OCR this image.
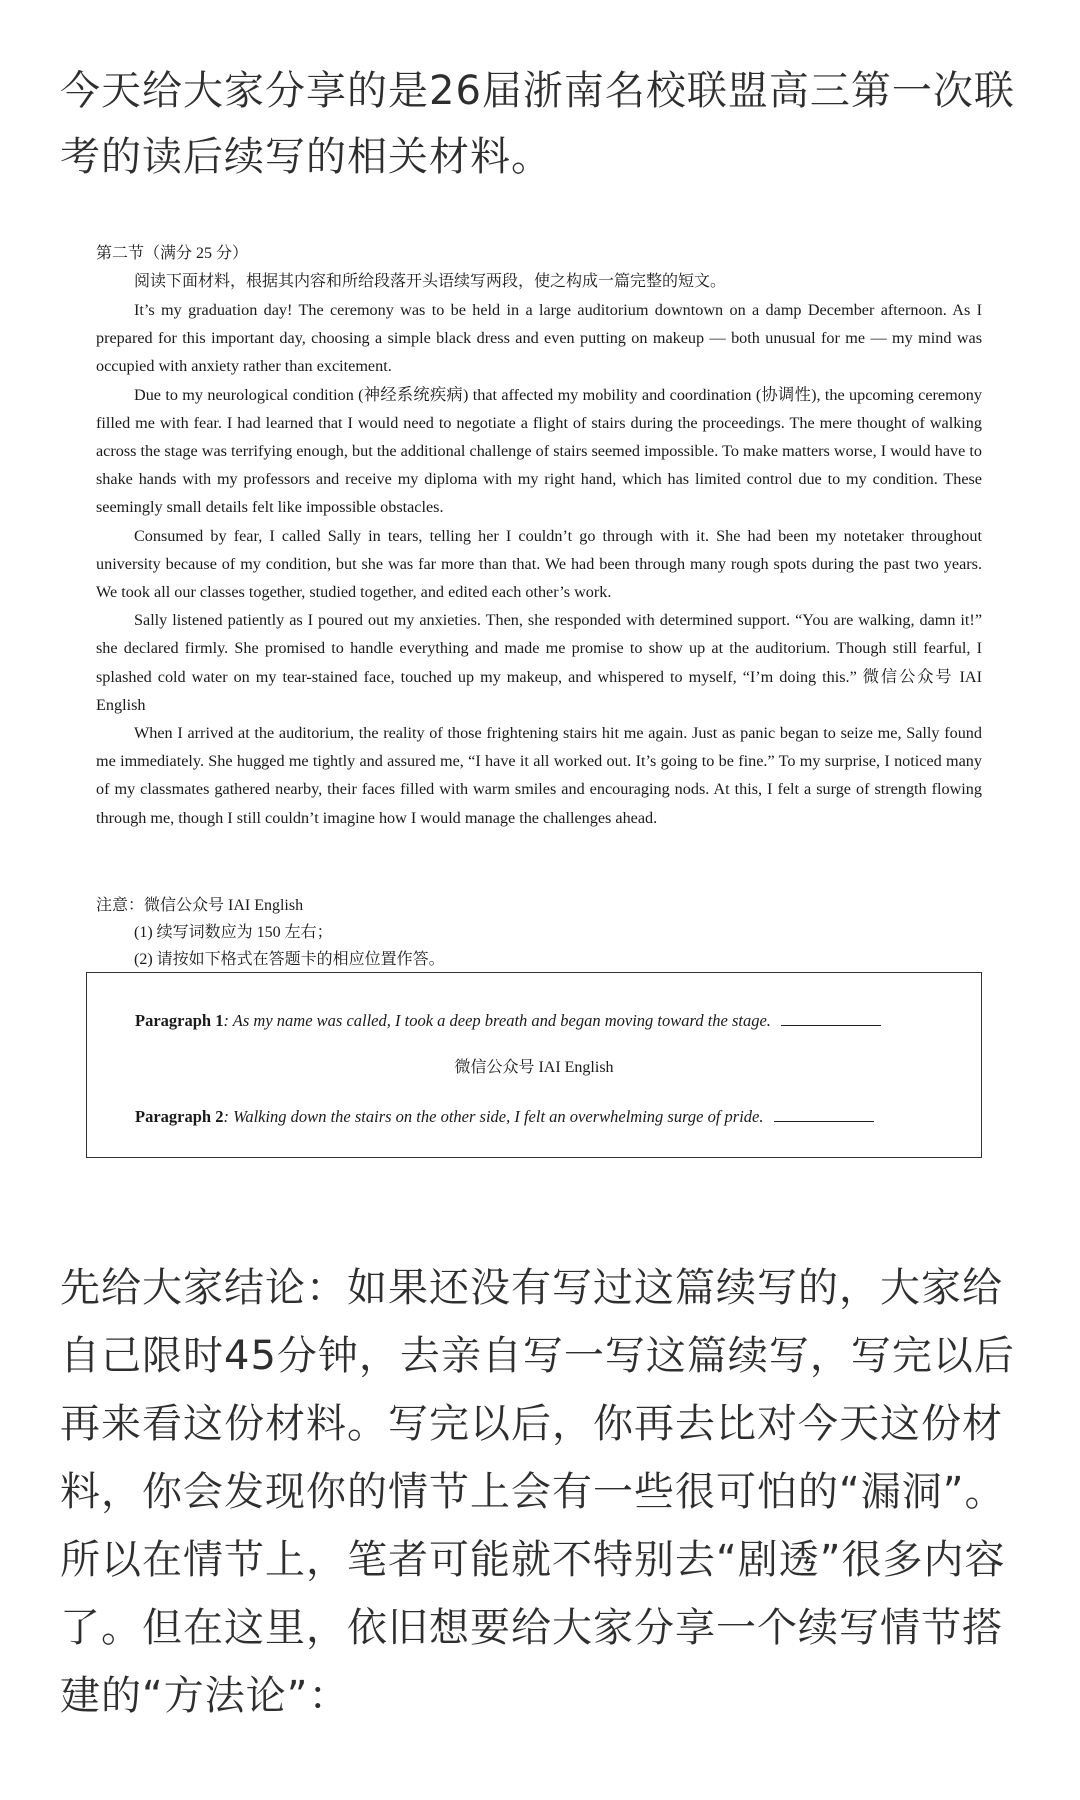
今天给大家分享的是26届浙南名校联盟高三第一次联考的读后续写的相关材料。
第二节（满分 25 分）
阅读下面材料，根据其内容和所给段落开头语续写两段，使之构成一篇完整的短文。

It’s my graduation day! The ceremony was to be held in a large auditorium downtown on a damp December afternoon. As I prepared for this important day, choosing a simple black dress and even putting on makeup — both unusual for me — my mind was occupied with anxiety rather than excitement.

Due to my neurological condition (神经系统疾病) that affected my mobility and coordination (协调性), the upcoming ceremony filled me with fear. I had learned that I would need to negotiate a flight of stairs during the proceedings. The mere thought of walking across the stage was terrifying enough, but the additional challenge of stairs seemed impossible. To make matters worse, I would have to shake hands with my professors and receive my diploma with my right hand, which has limited control due to my condition. These seemingly small details felt like impossible obstacles.

Consumed by fear, I called Sally in tears, telling her I couldn’t go through with it. She had been my notetaker throughout university because of my condition, but she was far more than that. We had been through many rough spots during the past two years. We took all our classes together, studied together, and edited each other’s work.

Sally listened patiently as I poured out my anxieties. Then, she responded with determined support. “You are walking, damn it!” she declared firmly. She promised to handle everything and made me promise to show up at the auditorium. Though still fearful, I splashed cold water on my tear-stained face, touched up my makeup, and whispered to myself, “I’m doing this.” 微信公众号 IAI English

When I arrived at the auditorium, the reality of those frightening stairs hit me again. Just as panic began to seize me, Sally found me immediately. She hugged me tightly and assured me, “I have it all worked out. It’s going to be fine.” To my surprise, I noticed many of my classmates gathered nearby, their faces filled with warm smiles and encouraging nods. At this, I felt a surge of strength flowing through me, though I still couldn’t imagine how I would manage the challenges ahead.

注意：微信公众号 IAI English
(1) 续写词数应为 150 左右；
(2) 请按如下格式在答题卡的相应位置作答。
Paragraph 1: As my name was called, I took a deep breath and began moving toward the stage.
微信公众号 IAI English
Paragraph 2: Walking down the stairs on the other side, I felt an overwhelming surge of pride.
先给大家结论：如果还没有写过这篇续写的，大家给自己限时45分钟，去亲自写一写这篇续写，写完以后再来看这份材料。写完以后，你再去比对今天这份材料，你会发现你的情节上会有一些很可怕的“漏洞”。所以在情节上，笔者可能就不特别去“剧透”很多内容了。但在这里，依旧想要给大家分享一个续写情节搭建的“方法论”：
